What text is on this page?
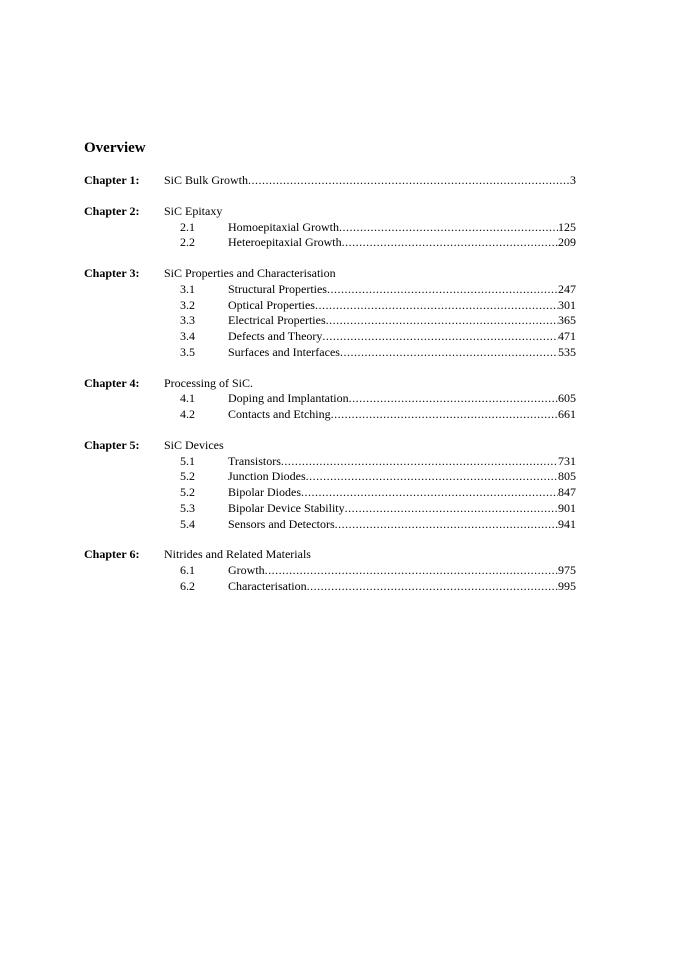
Overview
Chapter 1:	SiC Bulk Growth .....	3
Chapter 2:	SiC Epitaxy
2.1	Homoepitaxial Growth .....	125
2.2	Heteroepitaxial Growth .....	209
Chapter 3:	SiC Properties and Characterisation
3.1	Structural Properties .....	247
3.2	Optical Properties .....	301
3.3	Electrical Properties .....	365
3.4	Defects and Theory .....	471
3.5	Surfaces and Interfaces .....	535
Chapter 4:	Processing of SiC.
4.1	Doping and Implantation .....	605
4.2	Contacts and Etching .....	661
Chapter 5:	SiC Devices
5.1	Transistors .....	731
5.2	Junction Diodes .....	805
5.2	Bipolar Diodes .....	847
5.3	Bipolar Device Stability .....	901
5.4	Sensors and Detectors .....	941
Chapter 6:	Nitrides and Related Materials
6.1	Growth .....	975
6.2	Characterisation .....	995
